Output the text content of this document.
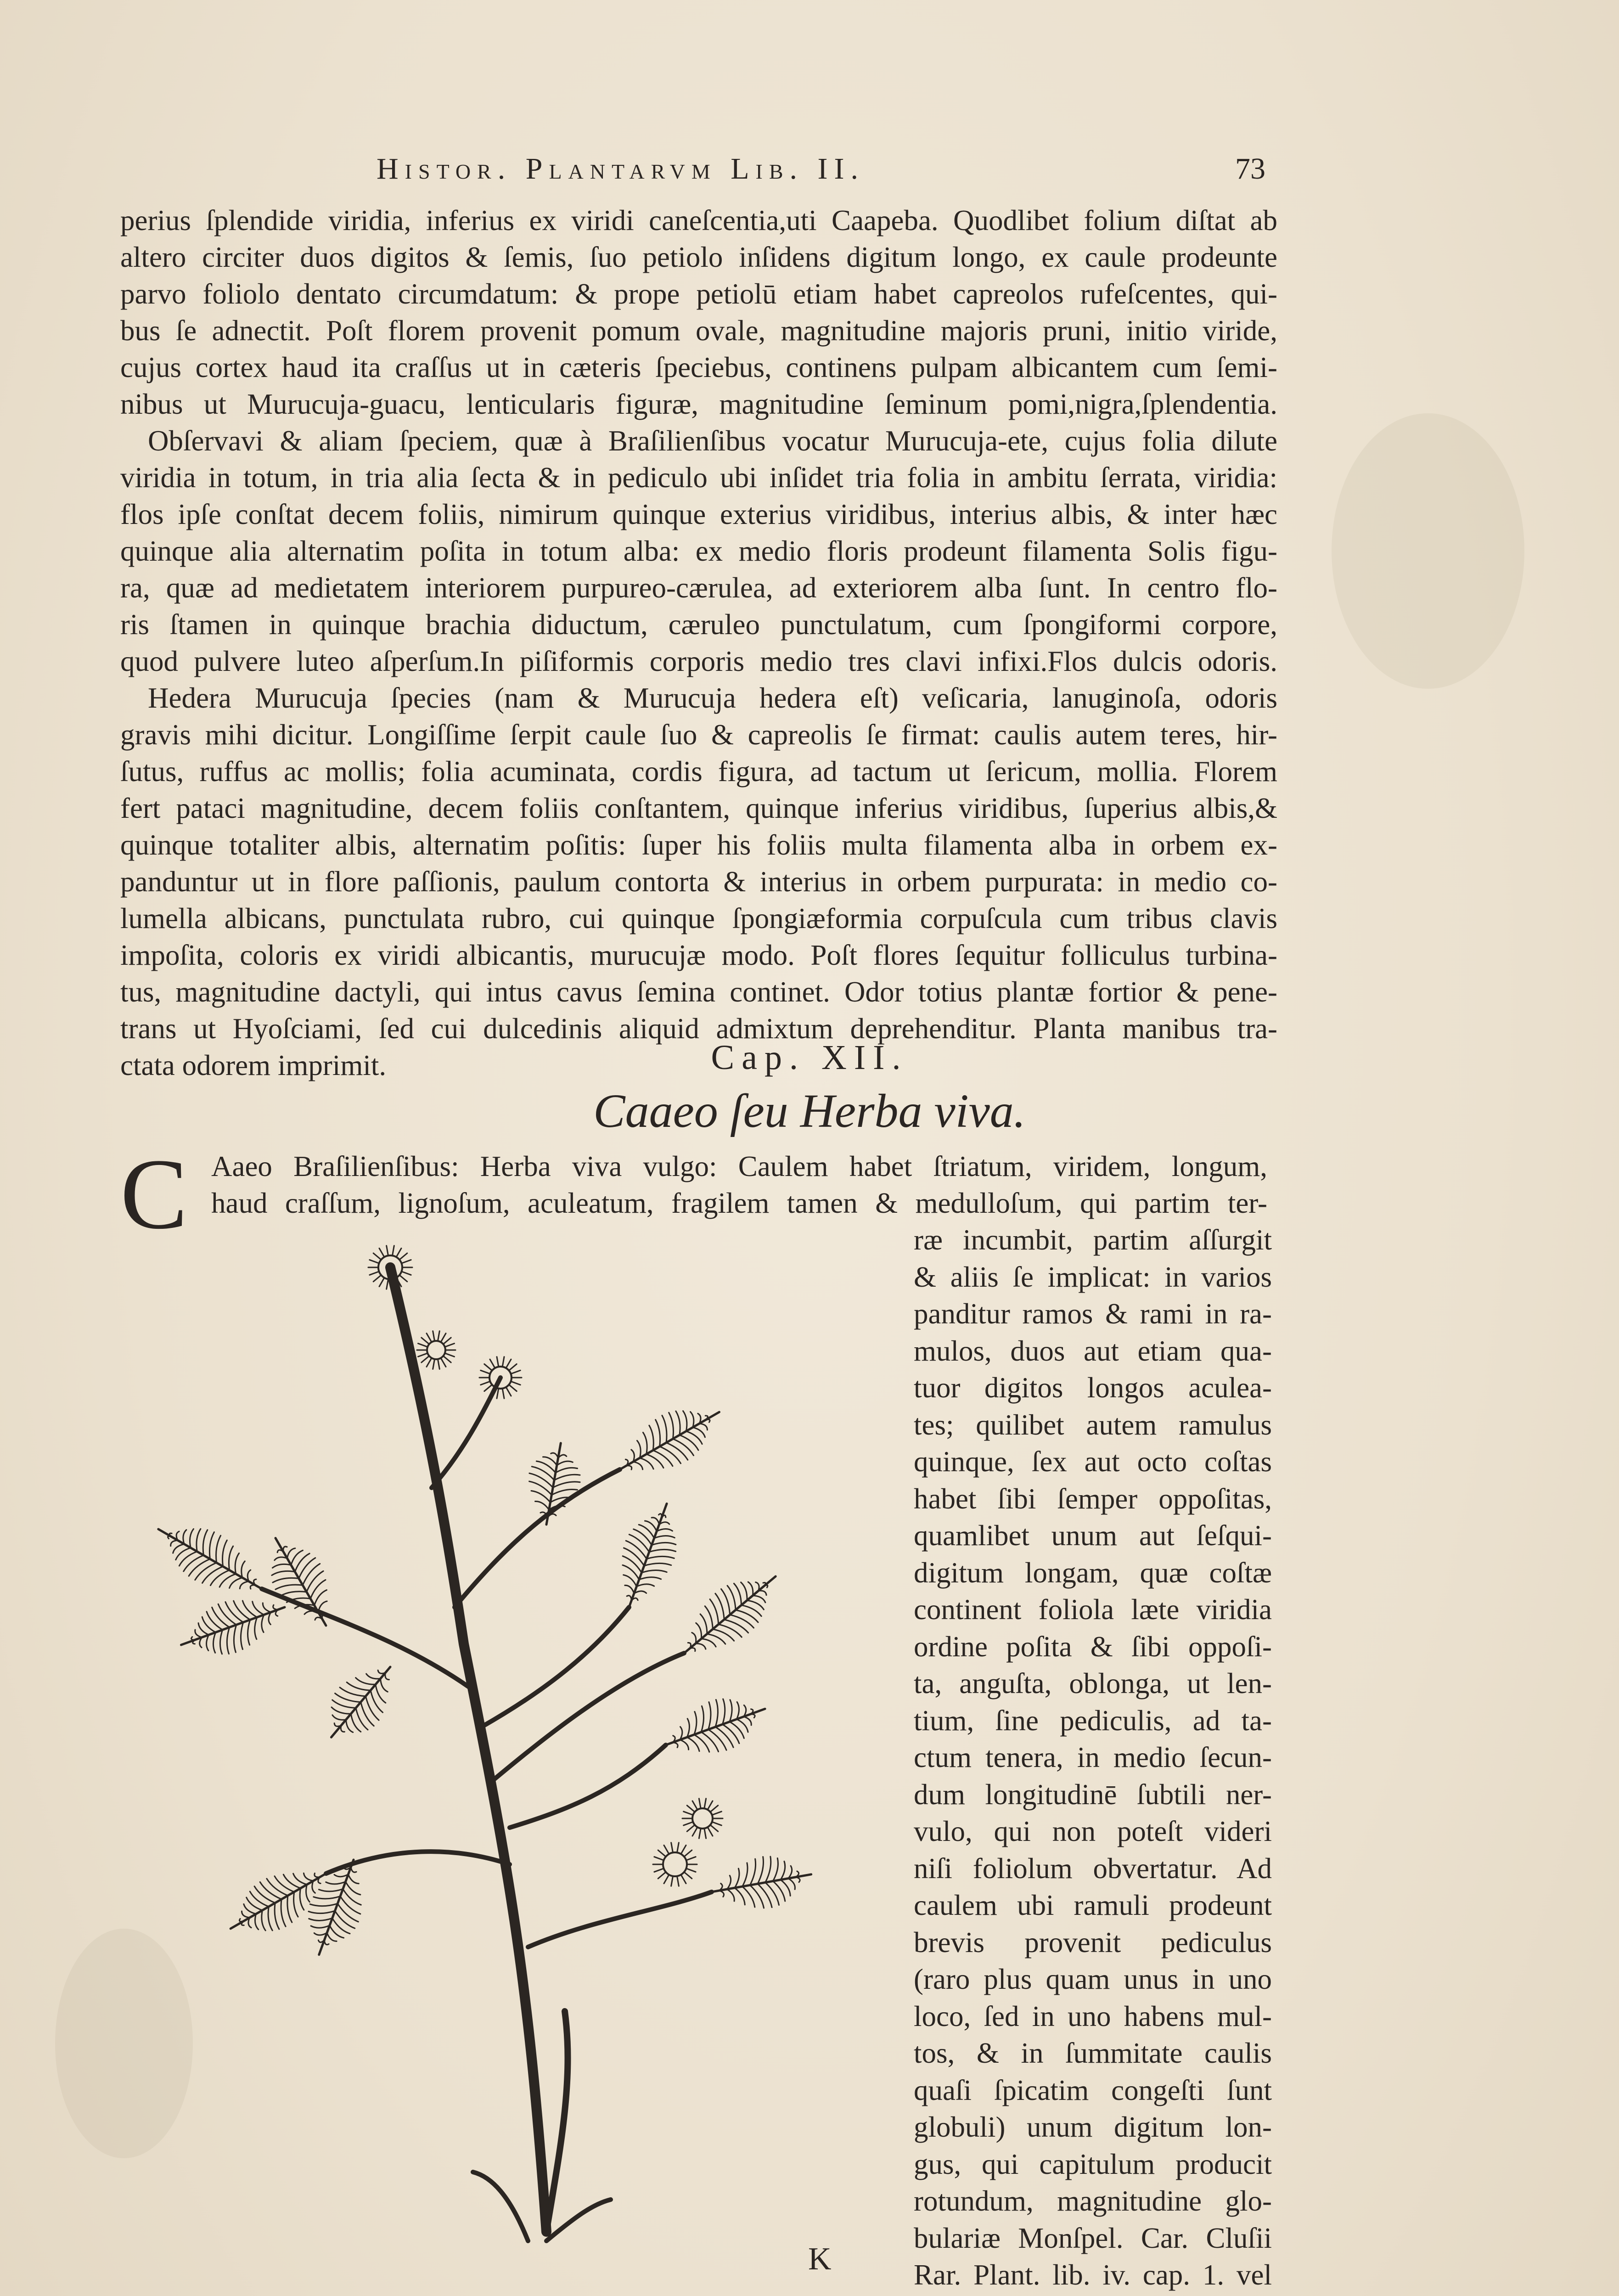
Histor. Plantarvm Lib. II.	73
perius ſplendide viridia, inferius ex viridi caneſcentia,uti Caapeba. Quodlibet folium diſtat ab
altero circiter duos digitos & ſemis, ſuo petiolo inſidens digitum longo, ex caule prodeunte
parvo foliolo dentato circumdatum: & prope petiolū etiam habet capreolos rufeſcentes, qui-
bus ſe adnectit. Poſt florem provenit pomum ovale, magnitudine majoris pruni, initio viride,
cujus cortex haud ita craſſus ut in cæteris ſpeciebus, continens pulpam albicantem cum ſemi-
nibus ut Murucuja-guacu, lenticularis figuræ, magnitudine ſeminum pomi,nigra,ſplendentia.
Obſervavi & aliam ſpeciem, quæ à Braſilienſibus vocatur Murucuja-ete, cujus folia dilute
viridia in totum, in tria alia ſecta & in pediculo ubi inſidet tria folia in ambitu ſerrata, viridia:
flos ipſe conſtat decem foliis, nimirum quinque exterius viridibus, interius albis, & inter hæc
quinque alia alternatim poſita in totum alba: ex medio floris prodeunt filamenta Solis figu-
ra, quæ ad medietatem interiorem purpureo-cærulea, ad exteriorem alba ſunt. In centro flo-
ris ſtamen in quinque brachia diductum, cæruleo punctulatum, cum ſpongiformi corpore,
quod pulvere luteo aſperſum.In piſiformis corporis medio tres clavi infixi.Flos dulcis odoris.
Hedera Murucuja ſpecies (nam & Murucuja hedera eſt) veſicaria, lanuginoſa, odoris
gravis mihi dicitur. Longiſſime ſerpit caule ſuo & capreolis ſe firmat: caulis autem teres, hir-
ſutus, ruffus ac mollis; folia acuminata, cordis figura, ad tactum ut ſericum, mollia. Florem
fert pataci magnitudine, decem foliis conſtantem, quinque inferius viridibus, ſuperius albis,&
quinque totaliter albis, alternatim poſitis: ſuper his foliis multa filamenta alba in orbem ex-
panduntur ut in flore paſſionis, paulum contorta & interius in orbem purpurata: in medio co-
lumella albicans, punctulata rubro, cui quinque ſpongiæformia corpuſcula cum tribus clavis
impoſita, coloris ex viridi albicantis, murucujæ modo. Poſt flores ſequitur folliculus turbina-
tus, magnitudine dactyli, qui intus cavus ſemina continet. Odor totius plantæ fortior & pene-
trans ut Hyoſciami, ſed cui dulcedinis aliquid admixtum deprehenditur. Planta manibus tra-
ctata odorem imprimit.	Cap. XII.
Caaeo ſeu Herba viva.
C Aaeo Braſilienſibus: Herba viva vulgo: Caulem habet ſtriatum, viridem, longum,
haud craſſum, lignoſum, aculeatum, fragilem tamen & medulloſum, qui partim ter-
ræ incumbit, partim aſſurgit
& aliis ſe implicat: in varios
panditur ramos & rami in ra-
mulos, duos aut etiam qua-
tuor digitos longos aculea-
tes; quilibet autem ramulus
quinque, ſex aut octo coſtas
habet ſibi ſemper oppoſitas,
quamlibet unum aut ſeſqui-
digitum longam, quæ coſtæ
continent foliola læte viridia
ordine poſita & ſibi oppoſi-
ta, anguſta, oblonga, ut len-
tium, ſine pediculis, ad ta-
ctum tenera, in medio ſecun-
dum longitudinē ſubtili ner-
vulo, qui non poteſt videri
niſi foliolum obvertatur. Ad
caulem ubi ramuli prodeunt
brevis provenit pediculus
(raro plus quam unus in uno
loco, ſed in uno habens mul-
tos, & in ſummitate caulis
quaſi ſpicatim congeſti ſunt
globuli) unum digitum lon-
gus, qui capitulum producit
rotundum, magnitudine glo-
bulariæ Monſpel. Car. Cluſii
Rar. Plant. lib. iv. cap. 1. vel
K
